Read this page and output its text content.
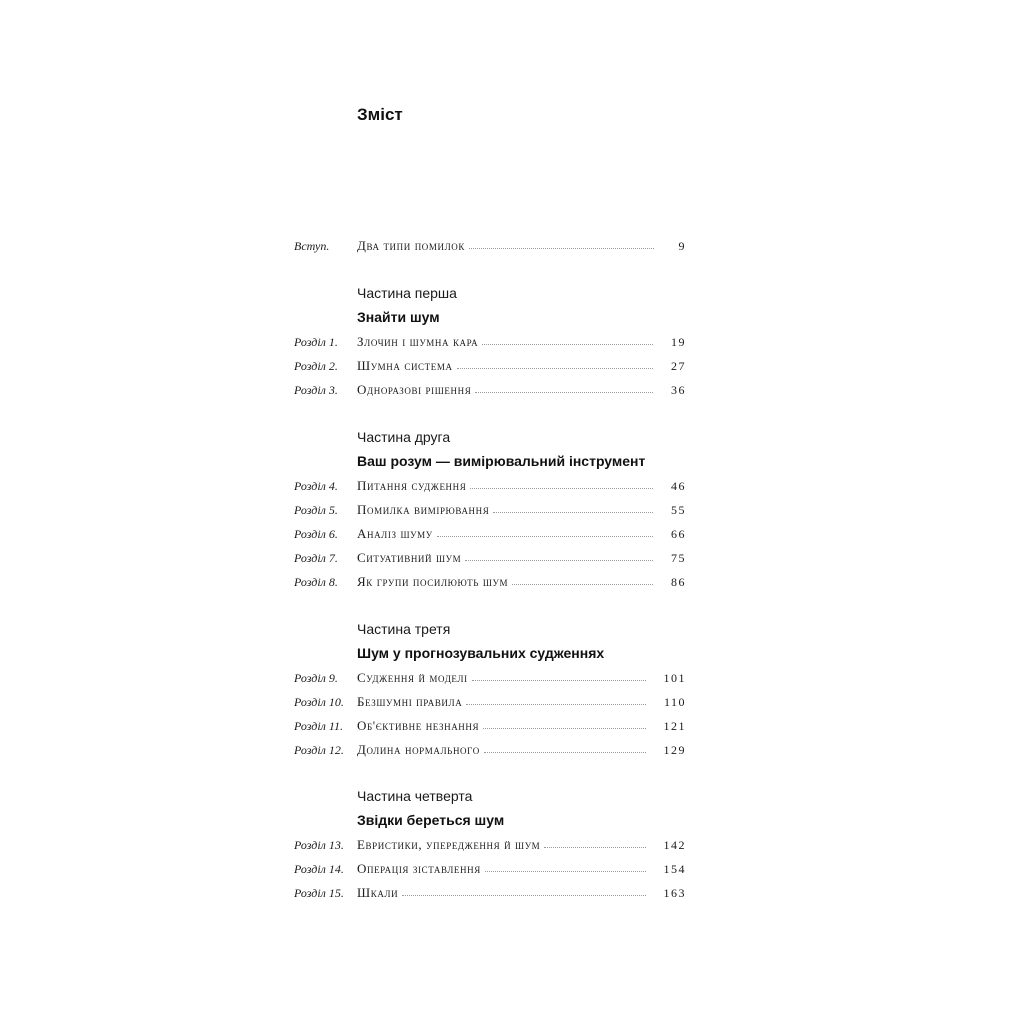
Зміст
Вступ.	Два типи помилок	9
Частина перша
Знайти шум
Розділ 1.	Злочин і шумна кара	19
Розділ 2.	Шумна система	27
Розділ 3.	Одноразові рішення	36
Частина друга
Ваш розум — вимірювальний інструмент
Розділ 4.	Питання судження	46
Розділ 5.	Помилка вимірювання	55
Розділ 6.	Аналіз шуму	66
Розділ 7.	Ситуативний шум	75
Розділ 8.	Як групи посилюють шум	86
Частина третя
Шум у прогнозувальних судженнях
Розділ 9.	Судження й моделі	101
Розділ 10.	Безшумні правила	110
Розділ 11.	Об'єктивне незнання	121
Розділ 12.	Долина нормального	129
Частина четверта
Звідки береться шум
Розділ 13.	Евристики, упередження й шум	142
Розділ 14.	Операція зіставлення	154
Розділ 15.	Шкали	163
